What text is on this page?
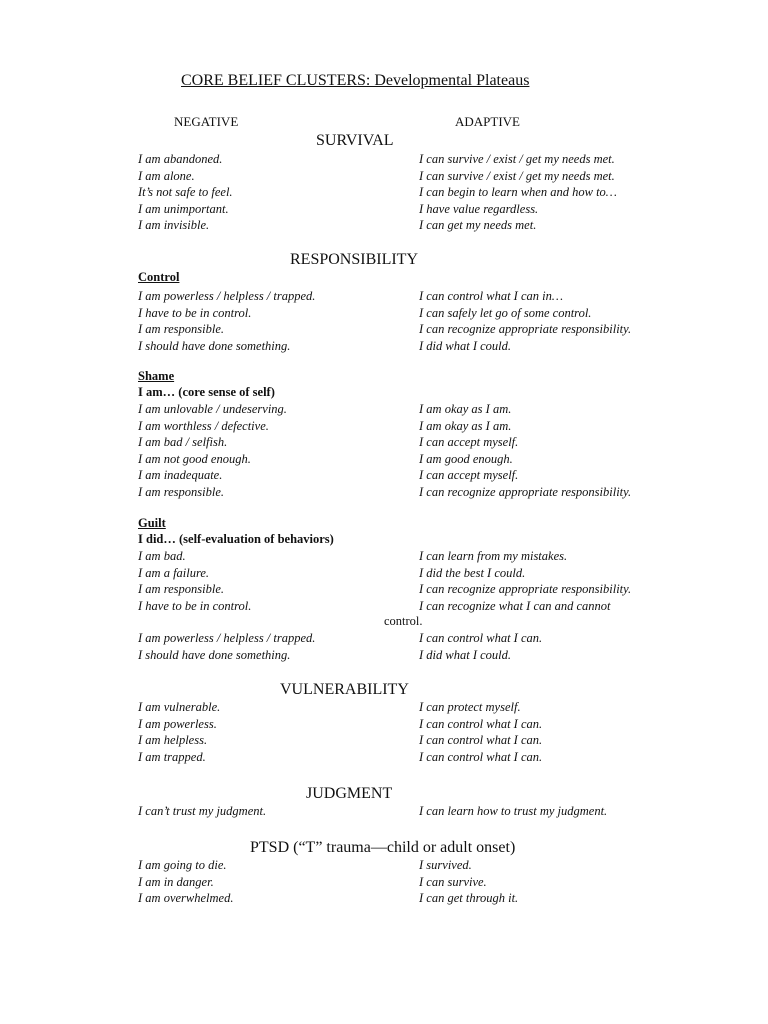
CORE BELIEF CLUSTERS: Developmental Plateaus
NEGATIVE	ADAPTIVE
SURVIVAL
I am abandoned.	I can survive / exist / get my needs met.
I am alone.	I can survive / exist / get my needs met.
It’s not safe to feel.	I can begin to learn when and how to…
I am unimportant.	I have value regardless.
I am invisible.	I can get my needs met.
RESPONSIBILITY
Control
I am powerless / helpless / trapped.	I can control what I can in…
I have to be in control.	I can safely let go of some control.
I am responsible.	I can recognize appropriate responsibility.
I should have done something.	I did what I could.
Shame
I am… (core sense of self)
I am unlovable / undeserving.	I am okay as I am.
I am worthless / defective.	I am okay as I am.
I am bad / selfish.	I can accept myself.
I am not good enough.	I am good enough.
I am inadequate.	I can accept myself.
I am responsible.	I can recognize appropriate responsibility.
Guilt
I did… (self-evaluation of behaviors)
I am bad.	I can learn from my mistakes.
I am a failure.	I did the best I could.
I am responsible.	I can recognize appropriate responsibility.
I have to be in control.	I can recognize what I can and cannot
control.
I am powerless / helpless / trapped.	I can control what I can.
I should have done something.	I did what I could.
VULNERABILITY
I am vulnerable.	I can protect myself.
I am powerless.	I can control what I can.
I am helpless.	I can control what I can.
I am trapped.	I can control what I can.
JUDGMENT
I can’t trust my judgment.	I can learn how to trust my judgment.
PTSD (“T” trauma—child or adult onset)
I am going to die.	I survived.
I am in danger.	I can survive.
I am overwhelmed.	I can get through it.
